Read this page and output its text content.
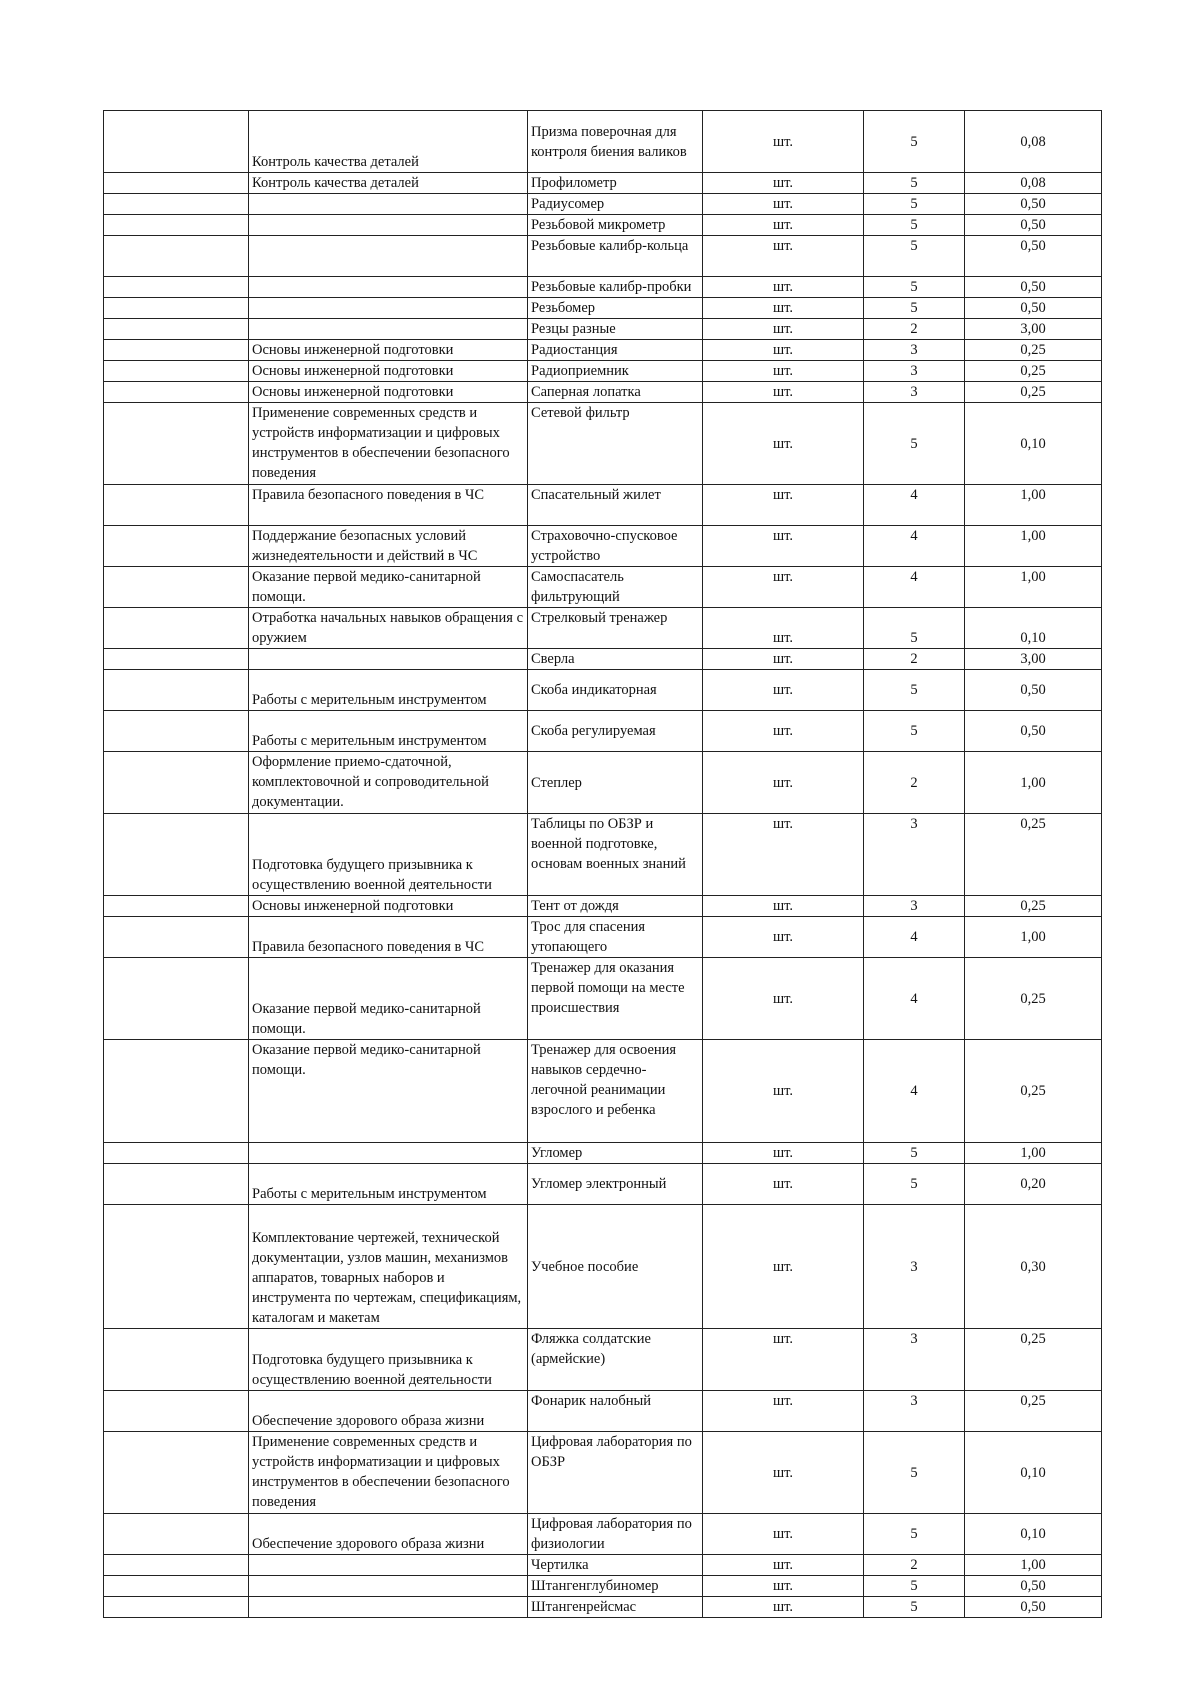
	Контроль качества деталей	Призма поверочная для контроля биения валиков	шт.	5	0,08
	Контроль качества деталей	Профилометр	шт.	5	0,08
		Радиусомер	шт.	5	0,50
		Резьбовой микрометр	шт.	5	0,50
		Резьбовые калибр-кольца	шт.	5	0,50
		Резьбовые калибр-пробки	шт.	5	0,50
		Резьбомер	шт.	5	0,50
		Резцы разные	шт.	2	3,00
	Основы инженерной подготовки	Радиостанция	шт.	3	0,25
	Основы инженерной подготовки	Радиоприемник	шт.	3	0,25
	Основы инженерной подготовки	Саперная лопатка	шт.	3	0,25
	Применение современных средств и устройств информатизации и цифровых инструментов в обеспечении безопасного поведения	Сетевой фильтр	шт.	5	0,10
	Правила безопасного поведения в ЧС	Спасательный жилет	шт.	4	1,00
	Поддержание безопасных условий жизнедеятельности и действий в ЧС	Страховочно-спусковое устройство	шт.	4	1,00
	Оказание первой медико-санитарной помощи.	Самоспасатель фильтрующий	шт.	4	1,00
	Отработка начальных навыков обращения с оружием	Стрелковый тренажер	шт.	5	0,10
		Сверла	шт.	2	3,00
	Работы с мерительным инструментом	Скоба индикаторная	шт.	5	0,50
	Работы с мерительным инструментом	Скоба регулируемая	шт.	5	0,50
	Оформление приемо-сдаточной, комплектовочной и сопроводительной документации.	Степлер	шт.	2	1,00
	Подготовка будущего призывника к осуществлению военной деятельности	Таблицы по ОБЗР и военной подготовке, основам военных знаний	шт.	3	0,25
	Основы инженерной подготовки	Тент от дождя	шт.	3	0,25
	Правила безопасного поведения в ЧС	Трос для спасения утопающего	шт.	4	1,00
	Оказание первой медико-санитарной помощи.	Тренажер для оказания первой помощи на месте происшествия	шт.	4	0,25
	Оказание первой медико-санитарной помощи.	Тренажер для освоения навыков сердечно-легочной реанимации взрослого и ребенка	шт.	4	0,25
		Угломер	шт.	5	1,00
	Работы с мерительным инструментом	Угломер электронный	шт.	5	0,20
	Комплектование чертежей, технической документации, узлов машин, механизмов аппаратов, товарных наборов и инструмента по чертежам, спецификациям, каталогам и макетам	Учебное пособие	шт.	3	0,30
	Подготовка будущего призывника к осуществлению военной деятельности	Фляжка солдатские (армейские)	шт.	3	0,25
	Обеспечение здорового образа жизни	Фонарик налобный	шт.	3	0,25
	Применение современных средств и устройств информатизации и цифровых инструментов в обеспечении безопасного поведения	Цифровая лаборатория по ОБЗР	шт.	5	0,10
	Обеспечение здорового образа жизни	Цифровая лаборатория по физиологии	шт.	5	0,10
		Чертилка	шт.	2	1,00
		Штангенглубиномер	шт.	5	0,50
		Штангенрейсмас	шт.	5	0,50
